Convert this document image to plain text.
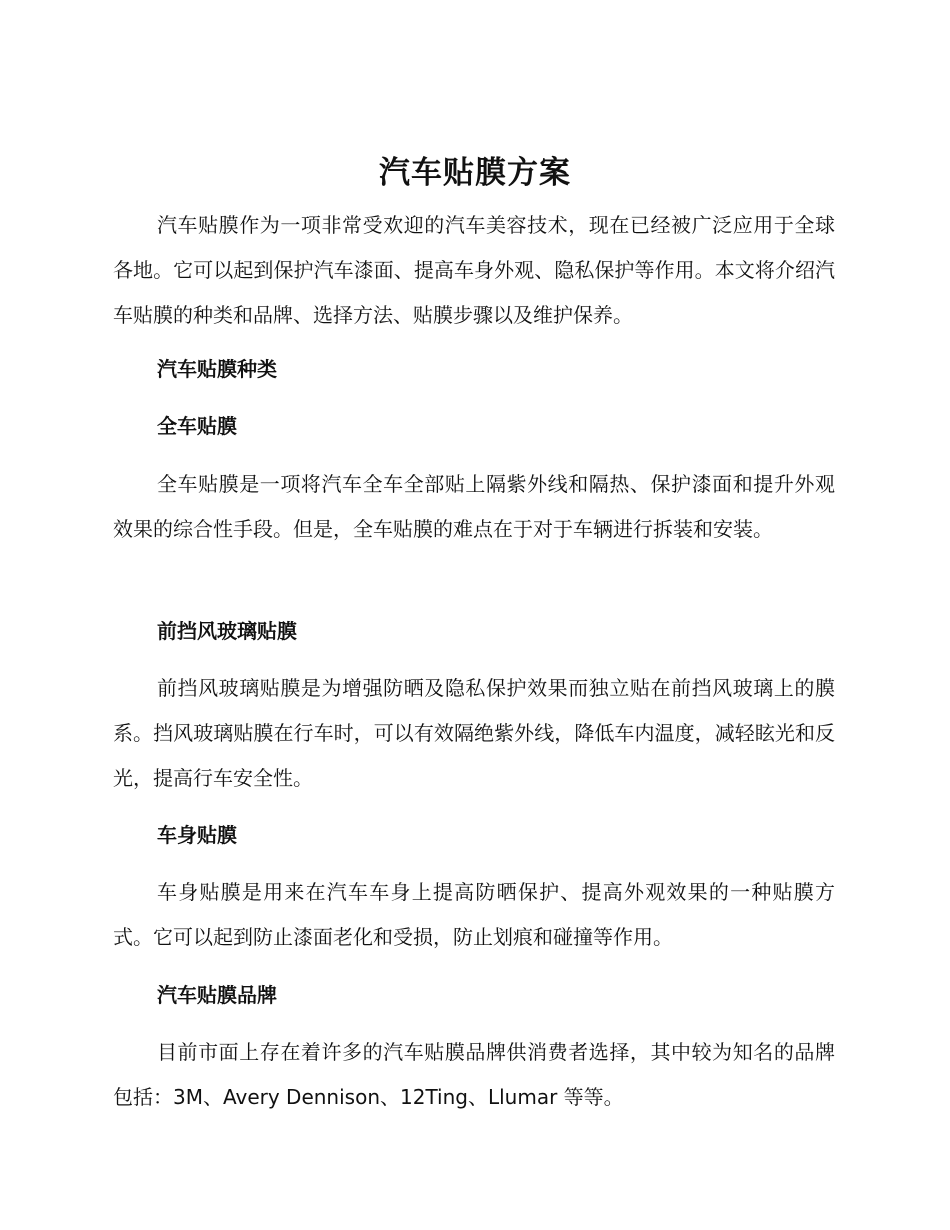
汽车贴膜方案

汽车贴膜作为一项非常受欢迎的汽车美容技术，现在已经被广泛应用于全球各地。它可以起到保护汽车漆面、提高车身外观、隐私保护等作用。本文将介绍汽车贴膜的种类和品牌、选择方法、贴膜步骤以及维护保养。

汽车贴膜种类
全车贴膜

全车贴膜是一项将汽车全车全部贴上隔紫外线和隔热、保护漆面和提升外观效果的综合性手段。但是，全车贴膜的难点在于对于车辆进行拆装和安装。

前挡风玻璃贴膜

前挡风玻璃贴膜是为增强防晒及隐私保护效果而独立贴在前挡风玻璃上的膜系。挡风玻璃贴膜在行车时，可以有效隔绝紫外线，降低车内温度，减轻眩光和反光，提高行车安全性。

车身贴膜

车身贴膜是用来在汽车车身上提高防晒保护、提高外观效果的一种贴膜方式。它可以起到防止漆面老化和受损，防止划痕和碰撞等作用。

汽车贴膜品牌

目前市面上存在着许多的汽车贴膜品牌供消费者选择，其中较为知名的品牌包括：3M、Avery Dennison、12Ting、Llumar 等等。
